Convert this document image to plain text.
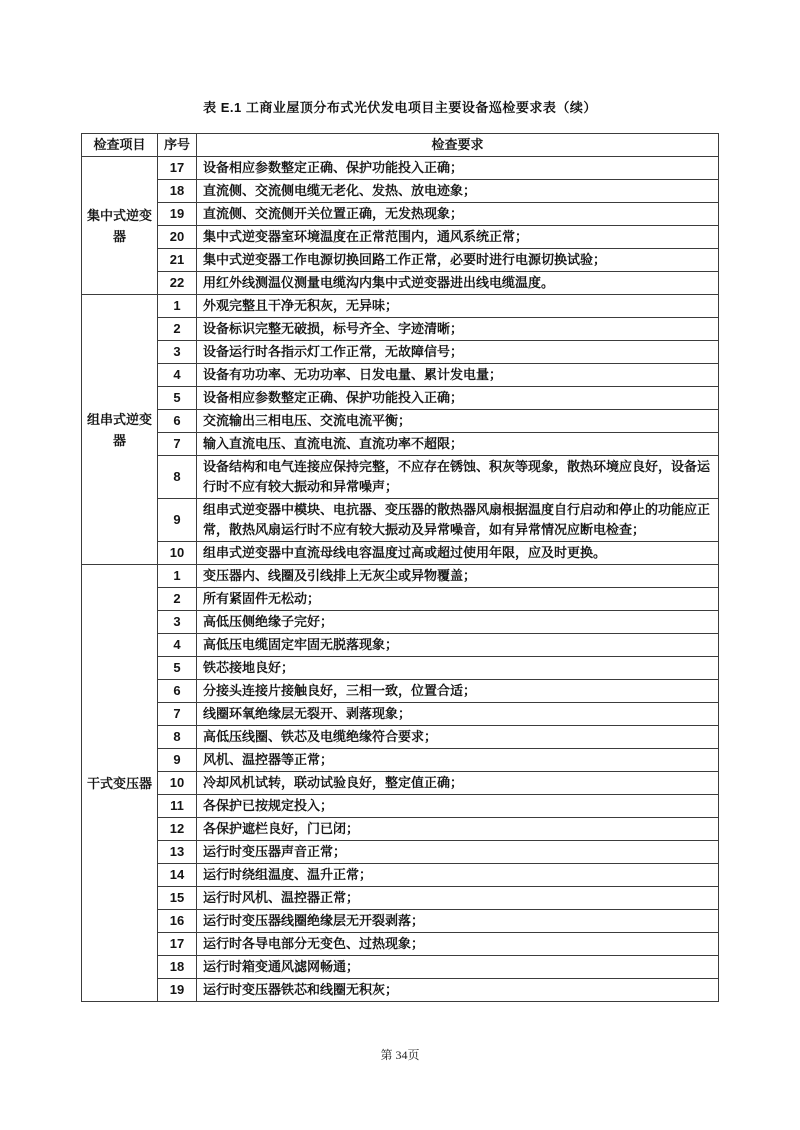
表 E.1 工商业屋顶分布式光伏发电项目主要设备巡检要求表（续）
检查项目	序号	检查要求
集中式逆变器	17	设备相应参数整定正确、保护功能投入正确；
	18	直流侧、交流侧电缆无老化、发热、放电迹象；
	19	直流侧、交流侧开关位置正确，无发热现象；
	20	集中式逆变器室环境温度在正常范围内，通风系统正常；
	21	集中式逆变器工作电源切换回路工作正常，必要时进行电源切换试验；
	22	用红外线测温仪测量电缆沟内集中式逆变器进出线电缆温度。
组串式逆变器	1	外观完整且干净无积灰，无异味；
	2	设备标识完整无破损，标号齐全、字迹清晰；
	3	设备运行时各指示灯工作正常，无故障信号；
	4	设备有功功率、无功功率、日发电量、累计发电量；
	5	设备相应参数整定正确、保护功能投入正确；
	6	交流输出三相电压、交流电流平衡；
	7	输入直流电压、直流电流、直流功率不超限；
	8	设备结构和电气连接应保持完整，不应存在锈蚀、积灰等现象，散热环境应良好，设备运行时不应有较大振动和异常噪声；
	9	组串式逆变器中模块、电抗器、变压器的散热器风扇根据温度自行启动和停止的功能应正常，散热风扇运行时不应有较大振动及异常噪音，如有异常情况应断电检查；
	10	组串式逆变器中直流母线电容温度过高或超过使用年限，应及时更换。
干式变压器	1	变压器内、线圈及引线排上无灰尘或异物覆盖；
	2	所有紧固件无松动；
	3	高低压侧绝缘子完好；
	4	高低压电缆固定牢固无脱落现象；
	5	铁芯接地良好；
	6	分接头连接片接触良好，三相一致，位置合适；
	7	线圈环氧绝缘层无裂开、剥落现象；
	8	高低压线圈、铁芯及电缆绝缘符合要求；
	9	风机、温控器等正常；
	10	冷却风机试转，联动试验良好，整定值正确；
	11	各保护已按规定投入；
	12	各保护遮栏良好，门已闭；
	13	运行时变压器声音正常；
	14	运行时绕组温度、温升正常；
	15	运行时风机、温控器正常；
	16	运行时变压器线圈绝缘层无开裂剥落；
	17	运行时各导电部分无变色、过热现象；
	18	运行时箱变通风滤网畅通；
	19	运行时变压器铁芯和线圈无积灰；
第 34页
